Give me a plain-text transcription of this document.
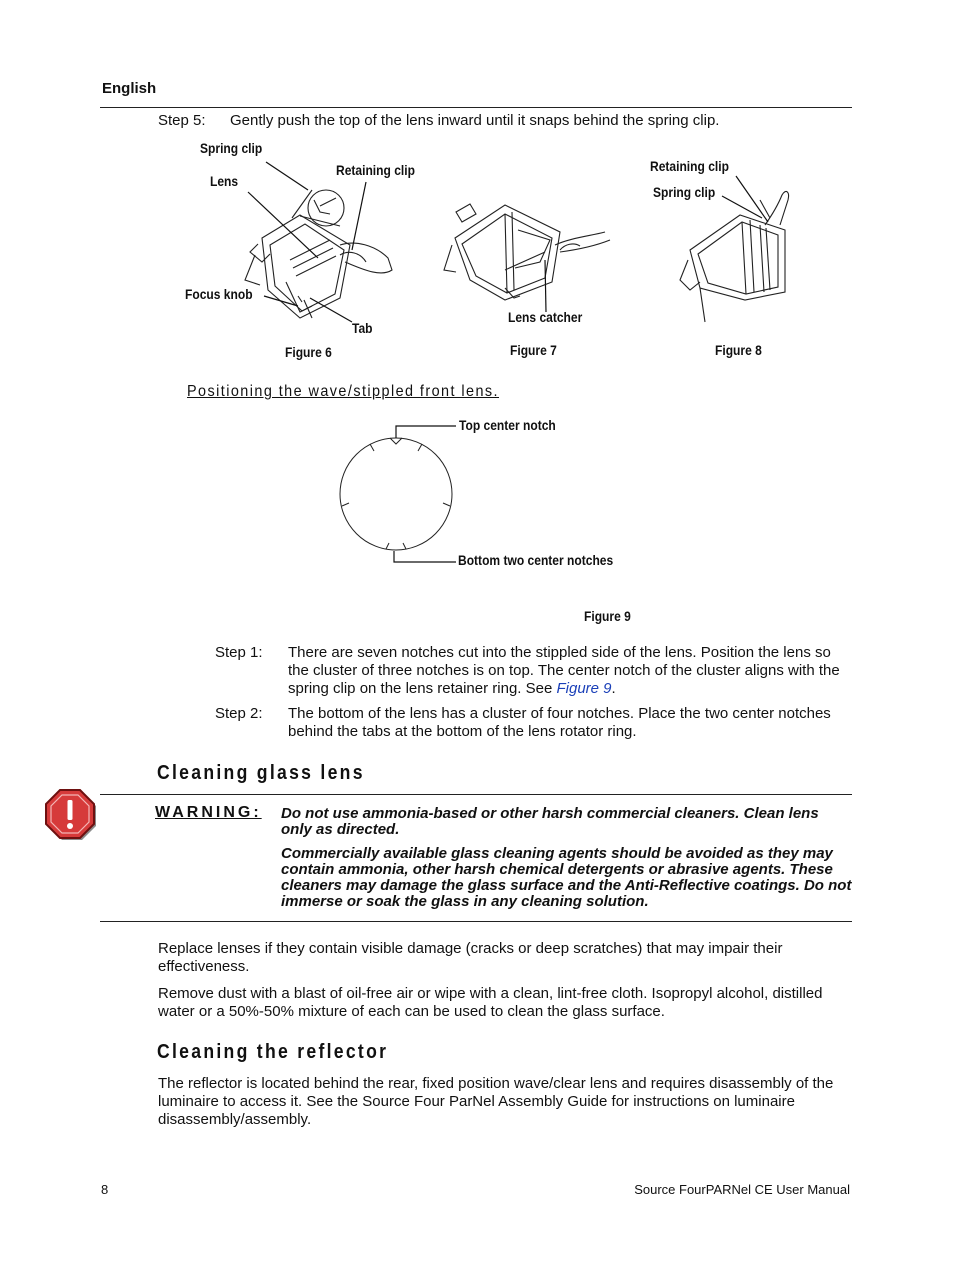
English
Step 5: Gently push the top of the lens inward until it snaps behind the spring clip.
Spring clip
Lens
Retaining clip
Focus knob
Tab
Figure 6
Lens catcher
Figure 7
Retaining clip
Spring clip
Figure 8
Positioning the wave/stippled front lens.
Top center notch
Bottom two center notches
Figure 9
Step 1: There are seven notches cut into the stippled side of the lens. Position the lens so the cluster of three notches is on top. The center notch of the cluster aligns with the spring clip on the lens retainer ring. See Figure 9.
Step 2: The bottom of the lens has a cluster of four notches. Place the two center notches behind the tabs at the bottom of the lens rotator ring.
Cleaning glass lens
WARNING: Do not use ammonia-based or other harsh commercial cleaners. Clean lens only as directed.
Commercially available glass cleaning agents should be avoided as they may contain ammonia, other harsh chemical detergents or abrasive agents. These cleaners may damage the glass surface and the Anti-Reflective coatings. Do not immerse or soak the glass in any cleaning solution.
Replace lenses if they contain visible damage (cracks or deep scratches) that may impair their effectiveness.
Remove dust with a blast of oil-free air or wipe with a clean, lint-free cloth. Isopropyl alcohol, distilled water or a 50%-50% mixture of each can be used to clean the glass surface.
Cleaning the reflector
The reflector is located behind the rear, fixed position wave/clear lens and requires disassembly of the luminaire to access it. See the Source Four ParNel Assembly Guide for instructions on luminaire disassembly/assembly.
8	Source FourPARNel CE User Manual
